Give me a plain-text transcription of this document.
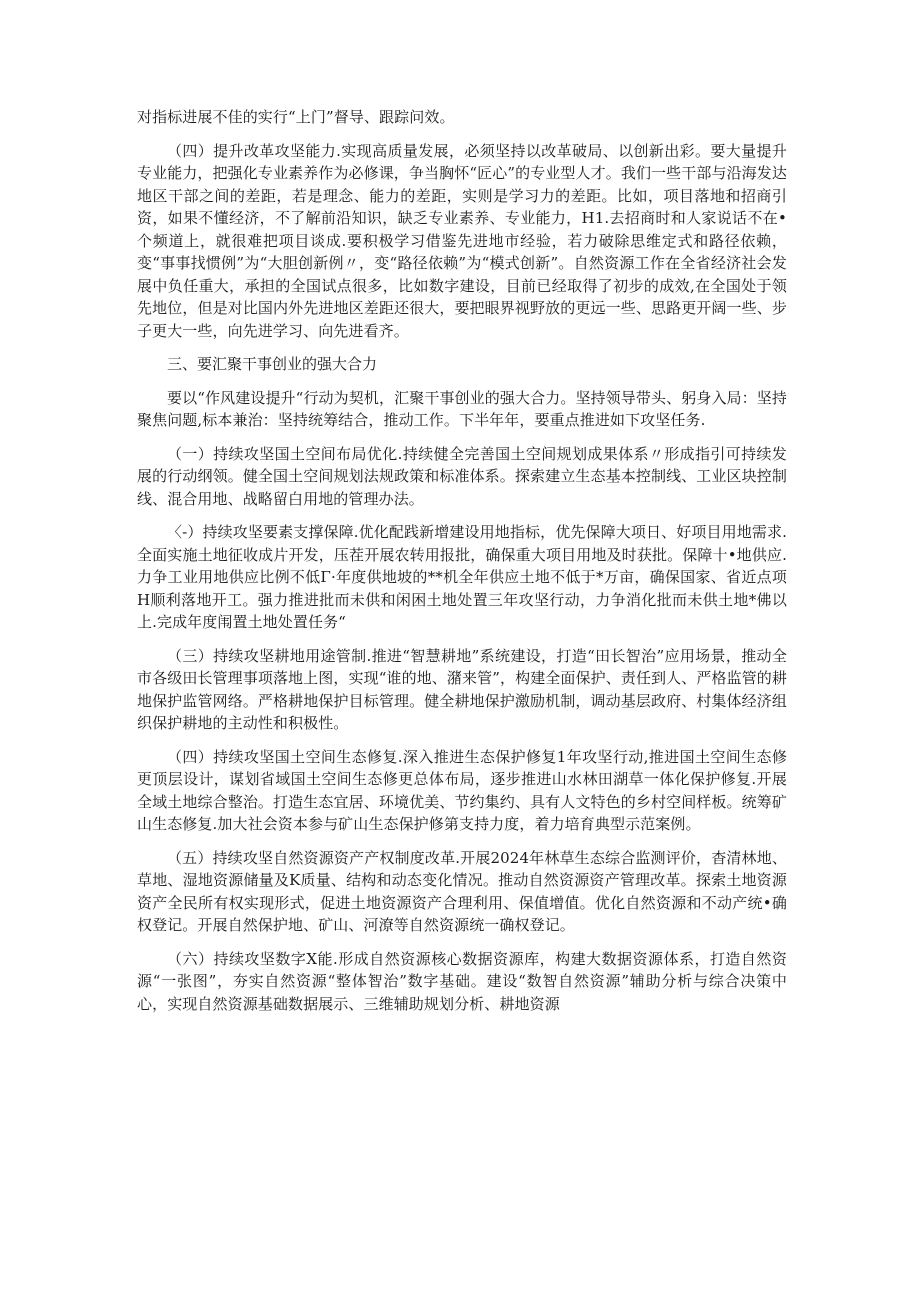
对指标进展不佳的实行“上门”督导、跟踪问效。

（四）提升改革攻坚能力.实现高质量发展，必须坚持以改革破局、以创新出彩。要大量提升专业能力，把强化专业素养作为必修课，争当胸怀“匠心”的专业型人才。我们一些干部与沿海发达地区干部之间的差距，若是理念、能力的差距，实则是学习力的差距。比如，项目落地和招商引资，如果不懂经济，不了解前沿知识，缺乏专业素养、专业能力，H1.去招商时和人家说话不在•个频道上，就很难把项目谈成.要积极学习借鉴先进地市经验，若力破除思维定式和路径依赖，变“事事找惯例”为“大胆创新例〃，变“路径依赖”为“模式创新”。自然资源工作在全省经济社会发展中负任重大，承担的全国试点很多，比如数字建设，目前已经取得了初步的成效,在全国处于领先地位，但是对比国内外先进地区差距还很大，要把眼界视野放的更远一些、思路更开阔一些、步子更大一些，向先进学习、向先进看齐。

三、要汇聚干事创业的强大合力

要以“作风建设提升“行动为契机，汇聚干事创业的强大合力。坚持领导带头、躬身入局：坚持聚焦问题,标本兼治：坚持统筹结合，推动工作。下半年年，要重点推进如下攻坚任务.

（一）持续攻坚国土空间布局优化.持续健全完善国土空间规划成果体系〃形成指引可持续发展的行动纲领。健全国土空间规划法规政策和标准体系。探索建立生态基本控制线、工业区块控制线、混合用地、战略留白用地的管理办法。

〈-）持续攻坚要素支撑保障.优化配践新增建设用地指标，优先保障大项日、好项目用地需求.全面实施土地征收成片开发，压茬开展农转用报批，确保重大项目用地及时获批。保障十•地供应.力争工业用地供应比例不低Γ·年度供地坡的**机全年供应土地不低于*万亩，确保国家、省近点项H顺利落地开工。强力推进批而未供和闲困土地处置三年攻坚行动，力争消化批而未供土地*佛以上.完成年度闱置土地处置任务“

（三）持续攻坚耕地用途管制.推进“智慧耕地”系统建设，打造“田长智治”应用场景，推动全市各级田长管理事项落地上图，实现“谁的地、潴来管”，构建全面保护、责任到人、严格监管的耕地保护监管网络。严格耕地保护目标管理。健全耕地保护激励机制，调动基层政府、村集体经济组织保护耕地的主动性和积极性。

（四）持续攻坚国土空间生态修复.深入推进生态保护修复1年攻坚行动,推进国土空间生态修更顶层设计，谋划省域国土空间生态修更总体布局，逐步推进山水林田湖草一体化保护修复.开展全域土地综合整治。打造生态宜居、环境优美、节约集约、具有人文特色的乡村空间样板。统筹矿山生态修复.加大社会资本参与矿山生态保护修第支持力度，着力培育典型示范案例。

（五）持续攻坚自然资源资产产权制度改革.开展2024年林草生态综合监测评价，杳清林地、草地、湿地资源储量及K质量、结构和动态变化情况。推动自然资源资产管理改革。探索土地资源资产全民所有权实现形式，促进土地资源资产合理利用、保值增值。优化自然资源和不动产统•确权登记。开展自然保护地、矿山、河潦等自然资源统一确权登记。

（六）持续攻坚数字X能.形成自然资源核心数据资源库，构建大数据资源体系，打造自然资源“一张图”，夯实自然资源“整体智治”数字基础。建设“数智自然资源”辅助分析与综合决策中心，实现自然资源基础数据展示、三维辅助规划分析、耕地资源
